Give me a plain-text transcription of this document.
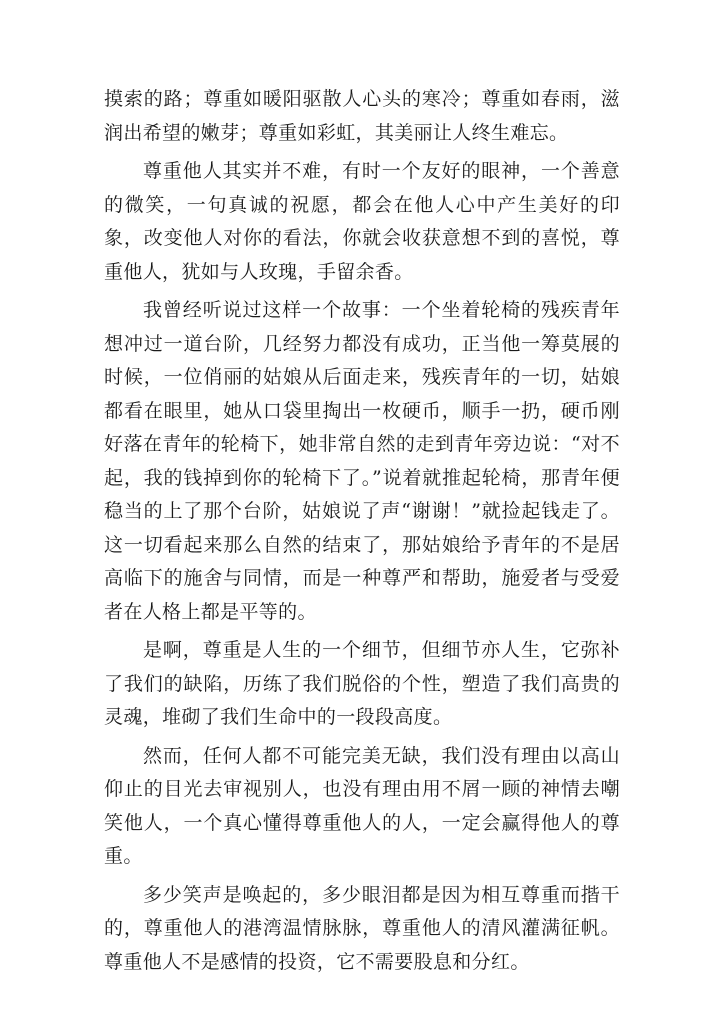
摸索的路；尊重如暖阳驱散人心头的寒冷；尊重如春雨，滋润出希望的嫩芽；尊重如彩虹，其美丽让人终生难忘。

尊重他人其实并不难，有时一个友好的眼神，一个善意的微笑，一句真诚的祝愿，都会在他人心中产生美好的印象，改变他人对你的看法，你就会收获意想不到的喜悦，尊重他人，犹如与人玫瑰，手留余香。

我曾经听说过这样一个故事：一个坐着轮椅的残疾青年想冲过一道台阶，几经努力都没有成功，正当他一筹莫展的时候，一位俏丽的姑娘从后面走来，残疾青年的一切，姑娘都看在眼里，她从口袋里掏出一枚硬币，顺手一扔，硬币刚好落在青年的轮椅下，她非常自然的走到青年旁边说：“对不起，我的钱掉到你的轮椅下了。”说着就推起轮椅，那青年便稳当的上了那个台阶，姑娘说了声“谢谢！”就捡起钱走了。这一切看起来那么自然的结束了，那姑娘给予青年的不是居高临下的施舍与同情，而是一种尊严和帮助，施爱者与受爱者在人格上都是平等的。

是啊，尊重是人生的一个细节，但细节亦人生，它弥补了我们的缺陷，历练了我们脱俗的个性，塑造了我们高贵的灵魂，堆砌了我们生命中的一段段高度。

然而，任何人都不可能完美无缺，我们没有理由以高山仰止的目光去审视别人，也没有理由用不屑一顾的神情去嘲笑他人，一个真心懂得尊重他人的人，一定会赢得他人的尊重。

多少笑声是唤起的，多少眼泪都是因为相互尊重而揩干的，尊重他人的港湾温情脉脉，尊重他人的清风灌满征帆。尊重他人不是感情的投资，它不需要股息和分红。
